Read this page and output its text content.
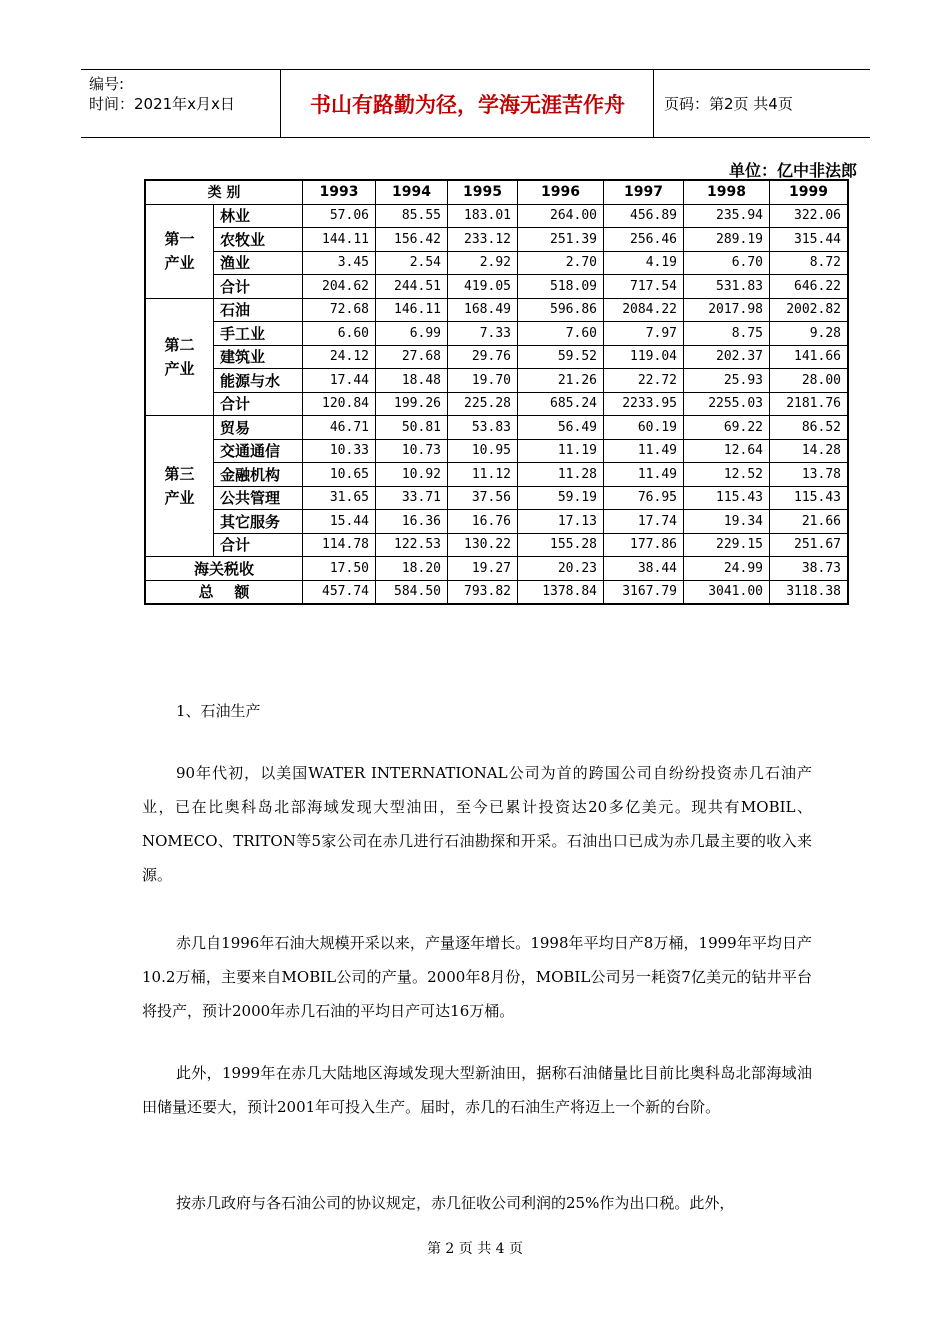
编号:
时间：2021年x月x日	书山有路勤为径，学海无涯苦作舟	页码：第2页 共4页
单位：亿中非法郎
类 别		1993	1994	1995	1996	1997	1998	1999
第一
产业	林业	57.06	85.55	183.01	264.00	456.89	235.94	322.06
	农牧业	144.11	156.42	233.12	251.39	256.46	289.19	315.44
	渔业	3.45	2.54	2.92	2.70	4.19	6.70	8.72
	合计	204.62	244.51	419.05	518.09	717.54	531.83	646.22
第二
产业	石油	72.68	146.11	168.49	596.86	2084.22	2017.98	2002.82
	手工业	6.60	6.99	7.33	7.60	7.97	8.75	9.28
	建筑业	24.12	27.68	29.76	59.52	119.04	202.37	141.66
	能源与水	17.44	18.48	19.70	21.26	22.72	25.93	28.00
	合计	120.84	199.26	225.28	685.24	2233.95	2255.03	2181.76
第三
产业	贸易	46.71	50.81	53.83	56.49	60.19	69.22	86.52
	交通通信	10.33	10.73	10.95	11.19	11.49	12.64	14.28
	金融机构	10.65	10.92	11.12	11.28	11.49	12.52	13.78
	公共管理	31.65	33.71	37.56	59.19	76.95	115.43	115.43
	其它服务	15.44	16.36	16.76	17.13	17.74	19.34	21.66
	合计	114.78	122.53	130.22	155.28	177.86	229.15	251.67
海关税收		17.50	18.20	19.27	20.23	38.44	24.99	38.73
总    额		457.74	584.50	793.82	1378.84	3167.79	3041.00	3118.38
1、石油生产

90年代初，以美国WATER INTERNATIONAL公司为首的跨国公司自纷纷投资赤几石油产业，已在比奥科岛北部海域发现大型油田，至今已累计投资达20多亿美元。现共有MOBIL、NOMECO、TRITON等5家公司在赤几进行石油勘探和开采。石油出口已成为赤几最主要的收入来源。

赤几自1996年石油大规模开采以来，产量逐年增长。1998年平均日产8万桶，1999年平均日产10.2万桶，主要来自MOBIL公司的产量。2000年8月份，MOBIL公司另一耗资7亿美元的钻井平台将投产，预计2000年赤几石油的平均日产可达16万桶。

此外，1999年在赤几大陆地区海域发现大型新油田，据称石油储量比目前比奥科岛北部海域油田储量还要大，预计2001年可投入生产。届时，赤几的石油生产将迈上一个新的台阶。

按赤几政府与各石油公司的协议规定，赤几征收公司利润的25%作为出口税。此外，

第 2 页 共 4 页
